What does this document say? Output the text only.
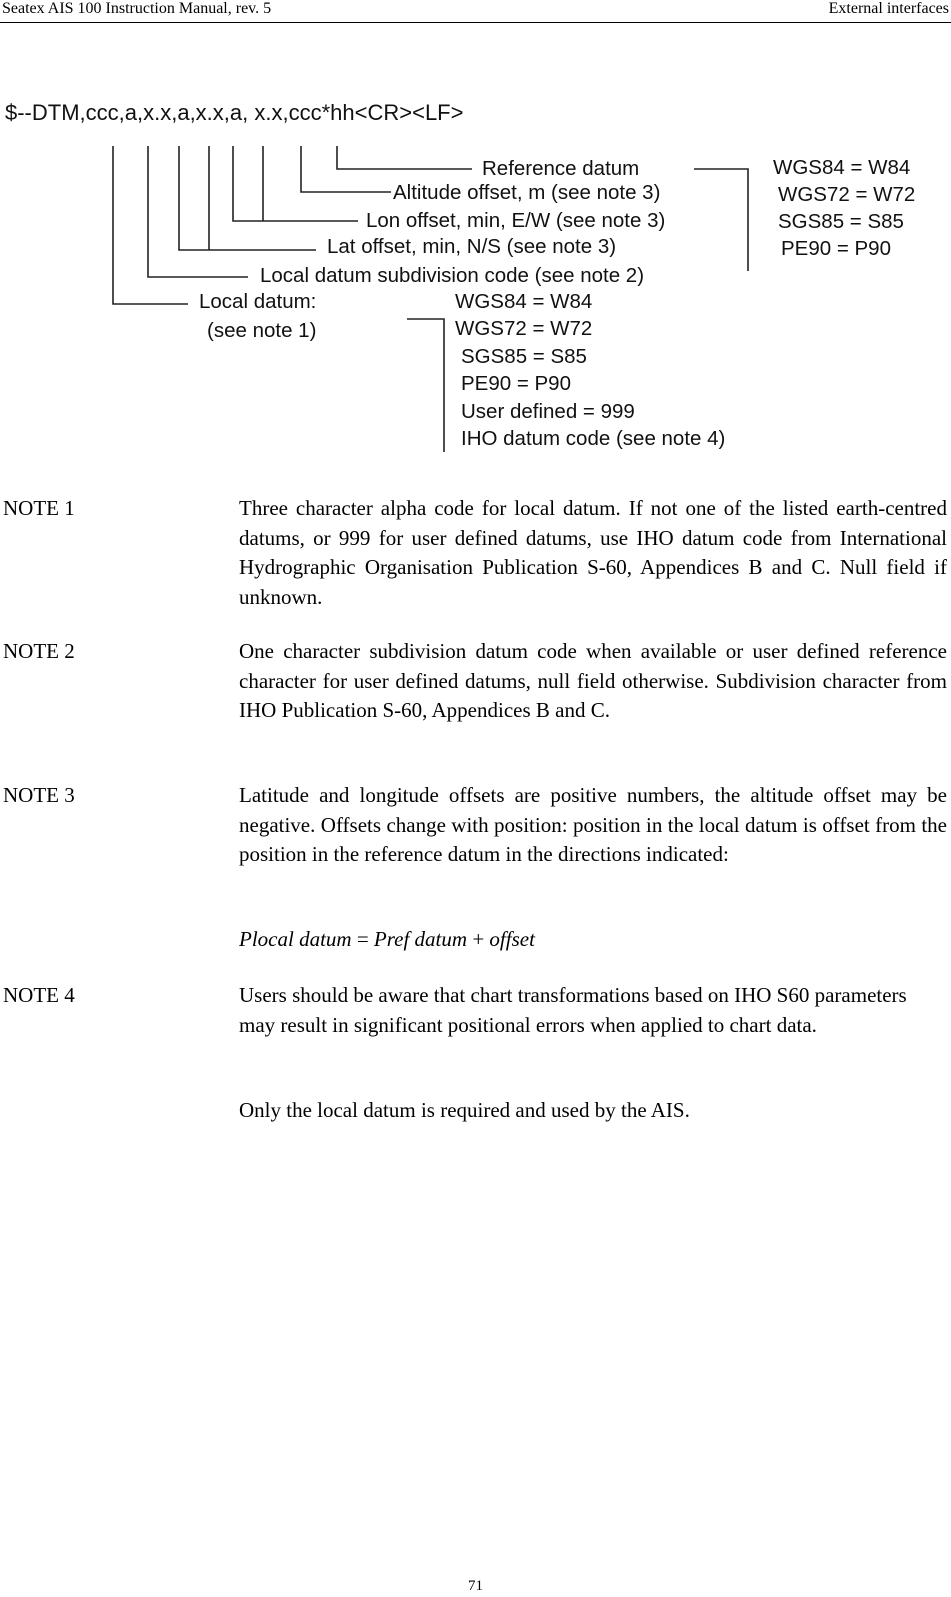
Seatex AIS 100 Instruction Manual, rev. 5	External interfaces
$--DTM,ccc,a,x.x,a,x.x,a, x.x,ccc*hh<CR><LF>
Reference datum
Altitude offset, m (see note 3)
Lon offset, min, E/W (see note 3)
Lat offset, min, N/S (see note 3)
Local datum subdivision code (see note 2)
Local datum:
(see note 1)
WGS84 = W84
WGS72 = W72
SGS85 = S85
PE90 = P90
WGS84 = W84
WGS72 = W72
SGS85 = S85
PE90 = P90
User defined = 999
IHO datum code (see note 4)
NOTE 1	Three character alpha code for local datum. If not one of the listed earth-centred datums, or 999 for user defined datums, use IHO datum code from International Hydrographic Organisation Publication S-60, Appendices B and C. Null field if unknown.
NOTE 2	One character subdivision datum code when available or user defined reference character for user defined datums, null field otherwise. Subdivision character from IHO Publication S-60, Appendices B and C.
NOTE 3	Latitude and longitude offsets are positive numbers, the altitude offset may be negative. Offsets change with position: position in the local datum is offset from the position in the reference datum in the directions indicated:
Plocal datum = Pref datum + offset
NOTE 4	Users should be aware that chart transformations based on IHO S60 parameters may result in significant positional errors when applied to chart data.
Only the local datum is required and used by the AIS.
71
